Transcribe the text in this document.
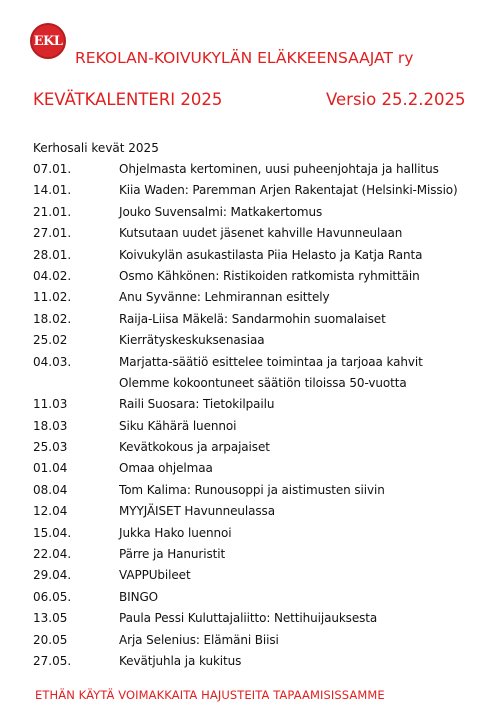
EKL
REKOLAN-KOIVUKYLÄN ELÄKKEENSAAJAT ry
KEVÄTKALENTERI 2025	Versio 25.2.2025
Kerhosali kevät 2025
07.01.	Ohjelmasta kertominen, uusi puheenjohtaja ja hallitus
14.01.	Kiia Waden: Paremman Arjen Rakentajat (Helsinki-Missio)
21.01.	Jouko Suvensalmi: Matkakertomus
27.01.	Kutsutaan uudet jäsenet kahville Havunneulaan
28.01.	Koivukylän asukastilasta Piia Helasto ja Katja Ranta
04.02.	Osmo Kähkönen: Ristikoiden ratkomista ryhmittäin
11.02.	Anu Syvänne: Lehmirannan esittely
18.02.	Raija-Liisa Mäkelä: Sandarmohin suomalaiset
25.02	Kierrätyskeskuksenasiaa
04.03.	Marjatta-säätiö esittelee toimintaa ja tarjoaa kahvit
Olemme kokoontuneet säätiön tiloissa 50-vuotta
11.03	Raili Suosara: Tietokilpailu
18.03	Siku Kähärä luennoi
25.03	Kevätkokous ja arpajaiset
01.04	Omaa ohjelmaa
08.04	Tom Kalima: Runousoppi ja aistimusten siivin
12.04	MYYJÄISET Havunneulassa
15.04.	Jukka Hako luennoi
22.04.	Pärre ja Hanuristit
29.04.	VAPPUbileet
06.05.	BINGO
13.05	Paula Pessi Kuluttajaliitto: Nettihuijauksesta
20.05	Arja Selenius: Elämäni Biisi
27.05.	Kevätjuhla ja kukitus
ETHÄN KÄYTÄ VOIMAKKAITA HAJUSTEITA TAPAAMISISSAMME
